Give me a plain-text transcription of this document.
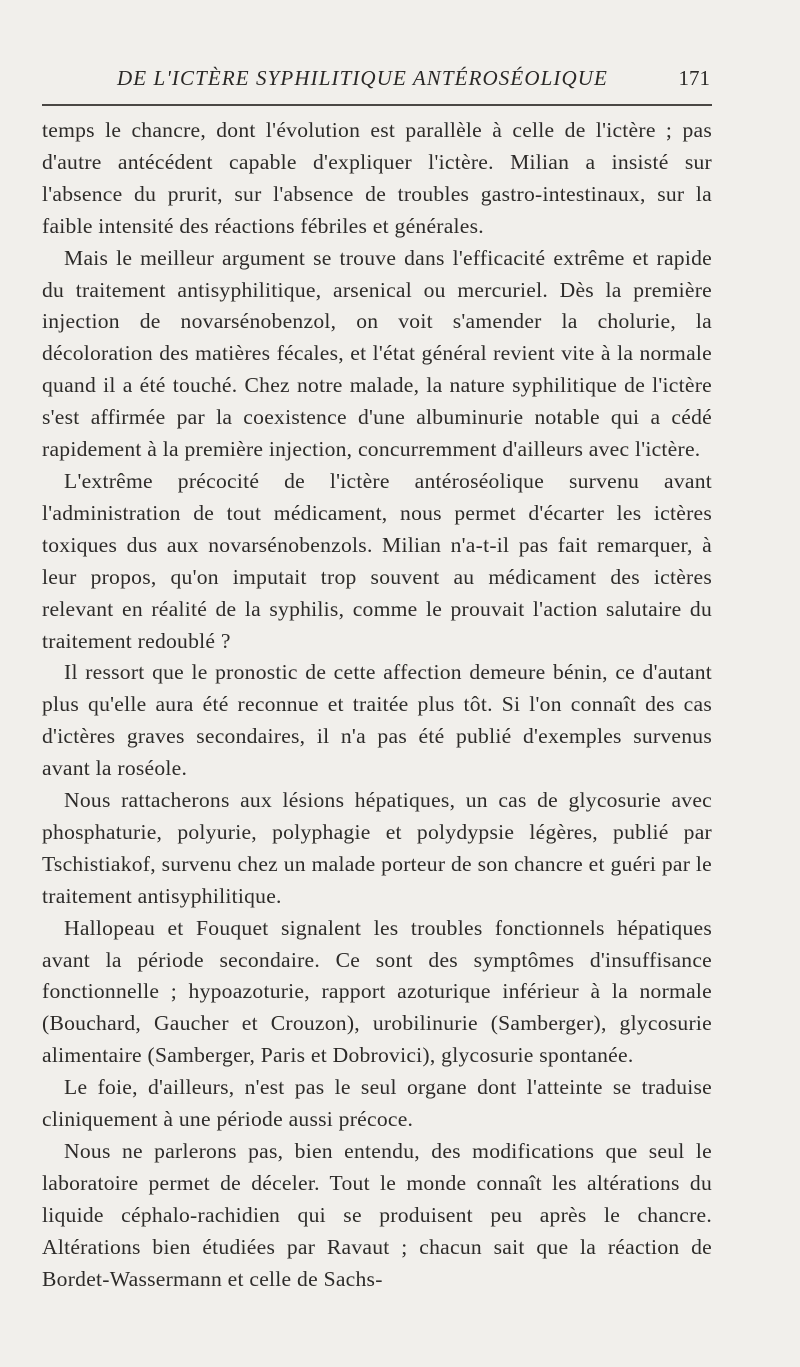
DE L'ICTÈRE SYPHILITIQUE ANTÉROSÉOLIQUE	171

temps le chancre, dont l'évolution est parallèle à celle de l'ictère ; pas d'autre antécédent capable d'expliquer l'ictère. Milian a insisté sur l'absence du prurit, sur l'absence de troubles gastro-intestinaux, sur la faible intensité des réactions fébriles et générales.

Mais le meilleur argument se trouve dans l'efficacité extrême et rapide du traitement antisyphilitique, arsenical ou mercuriel. Dès la première injection de novarsénobenzol, on voit s'amender la cholurie, la décoloration des matières fécales, et l'état général revient vite à la normale quand il a été touché. Chez notre malade, la nature syphilitique de l'ictère s'est affirmée par la coexistence d'une albuminurie notable qui a cédé rapidement à la première injection, concurremment d'ailleurs avec l'ictère.

L'extrême précocité de l'ictère antéroséolique survenu avant l'administration de tout médicament, nous permet d'écarter les ictères toxiques dus aux novarsénobenzols. Milian n'a-t-il pas fait remarquer, à leur propos, qu'on imputait trop souvent au médicament des ictères relevant en réalité de la syphilis, comme le prouvait l'action salutaire du traitement redoublé ?

Il ressort que le pronostic de cette affection demeure bénin, ce d'autant plus qu'elle aura été reconnue et traitée plus tôt. Si l'on connaît des cas d'ictères graves secondaires, il n'a pas été publié d'exemples survenus avant la roséole.

Nous rattacherons aux lésions hépatiques, un cas de glycosurie avec phosphaturie, polyurie, polyphagie et polydypsie légères, publié par Tschistiakof, survenu chez un malade porteur de son chancre et guéri par le traitement antisyphilitique.

Hallopeau et Fouquet signalent les troubles fonctionnels hépatiques avant la période secondaire. Ce sont des symptômes d'insuffisance fonctionnelle ; hypoazoturie, rapport azoturique inférieur à la normale (Bouchard, Gaucher et Crouzon), urobilinurie (Samberger), glycosurie alimentaire (Samberger, Paris et Dobrovici), glycosurie spontanée.

Le foie, d'ailleurs, n'est pas le seul organe dont l'atteinte se traduise cliniquement à une période aussi précoce.

Nous ne parlerons pas, bien entendu, des modifications que seul le laboratoire permet de déceler. Tout le monde connaît les altérations du liquide céphalo-rachidien qui se produisent peu après le chancre. Altérations bien étudiées par Ravaut ; chacun sait que la réaction de Bordet-Wassermann et celle de Sachs-
